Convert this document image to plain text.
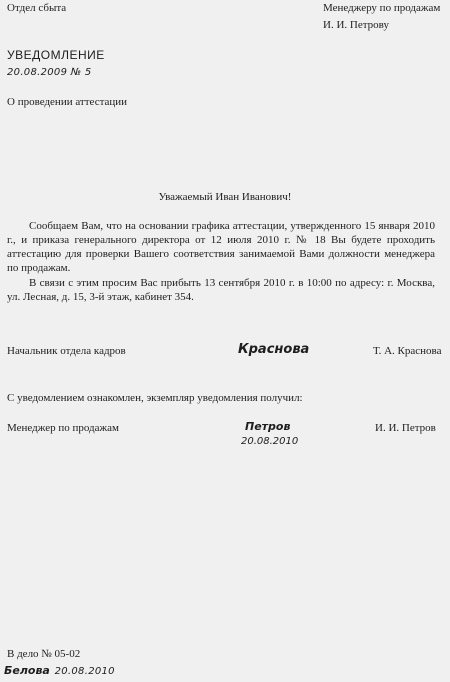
Отдел сбыта	Менеджеру по продажам
И. И. Петрову
УВЕДОМЛЕНИЕ
20.08.2009 № 5
О проведении аттестации
Уважаемый Иван Иванович!

Сообщаем Вам, что на основании графика аттестации, утвержденного 15 января 2010 г., и приказа генерального директора от 12 июля 2010 г. № 18 Вы будете проходить аттестацию для проверки Вашего соответствия занимаемой Вами должности менеджера по продажам.

В связи с этим просим Вас прибыть 13 сентября 2010 г. в 10:00 по адресу: г. Москва, ул. Лесная, д. 15, 3-й этаж, кабинет 354.

Начальник отдела кадров	Краснова	Т. А. Краснова
С уведомлением ознакомлен, экземпляр уведомления получил:
Менеджер по продажам	Петров
20.08.2010
И. И. Петров
В дело № 05-02
Белова 20.08.2010
